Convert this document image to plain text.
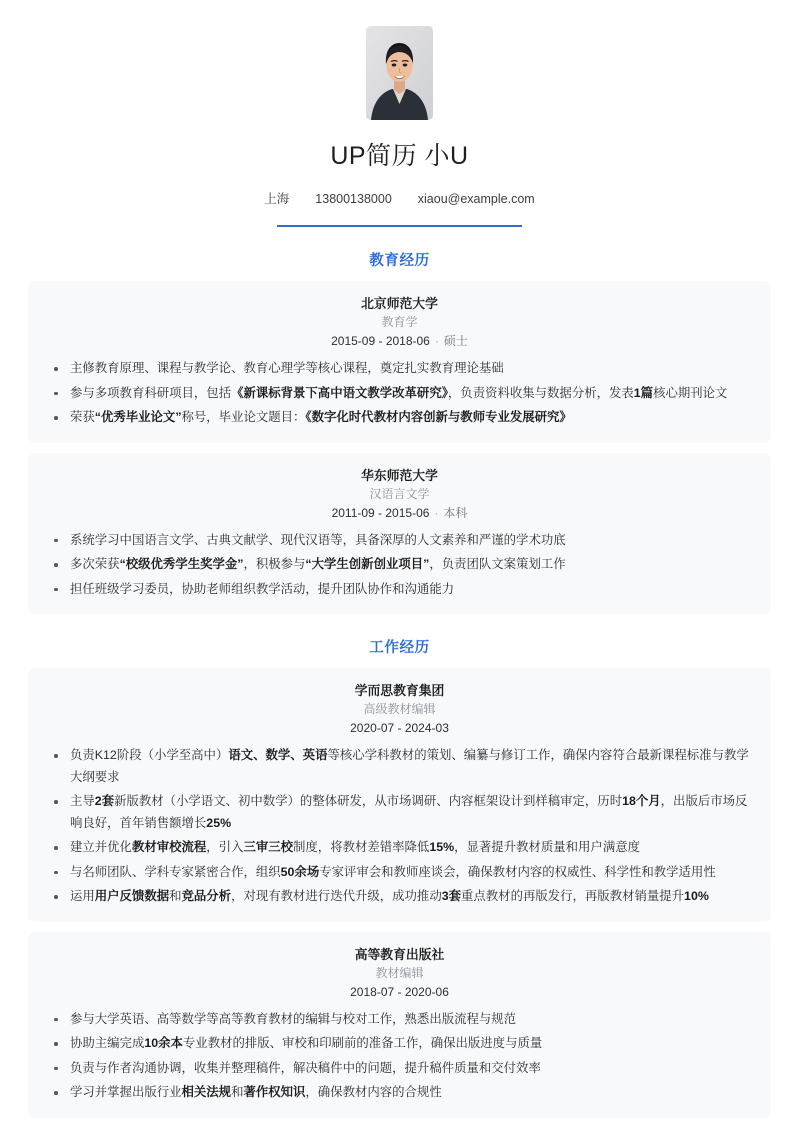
UP简历 小U
上海 13800138000 xiaou@example.com
教育经历
北京师范大学
教育学
2015-09 - 2018-06 · 硕士
主修教育原理、课程与教学论、教育心理学等核心课程，奠定扎实教育理论基础
参与多项教育科研项目，包括《新课标背景下高中语文教学改革研究》，负责资料收集与数据分析，发表1篇核心期刊论文
荣获“优秀毕业论文”称号，毕业论文题目：《数字化时代教材内容创新与教师专业发展研究》
华东师范大学
汉语言文学
2011-09 - 2015-06 · 本科
系统学习中国语言文学、古典文献学、现代汉语等，具备深厚的人文素养和严谨的学术功底
多次荣获“校级优秀学生奖学金”，积极参与“大学生创新创业项目”，负责团队文案策划工作
担任班级学习委员，协助老师组织教学活动，提升团队协作和沟通能力
工作经历
学而思教育集团
高级教材编辑
2020-07 - 2024-03
负责K12阶段（小学至高中）语文、数学、英语等核心学科教材的策划、编纂与修订工作，确保内容符合最新课程标准与教学大纲要求
主导2套新版教材（小学语文、初中数学）的整体研发，从市场调研、内容框架设计到样稿审定，历时18个月，出版后市场反响良好，首年销售额增长25%
建立并优化教材审校流程，引入三审三校制度，将教材差错率降低15%，显著提升教材质量和用户满意度
与名师团队、学科专家紧密合作，组织50余场专家评审会和教师座谈会，确保教材内容的权威性、科学性和教学适用性
运用用户反馈数据和竞品分析，对现有教材进行迭代升级，成功推动3套重点教材的再版发行，再版教材销量提升10%
高等教育出版社
教材编辑
2018-07 - 2020-06
参与大学英语、高等数学等高等教育教材的编辑与校对工作，熟悉出版流程与规范
协助主编完成10余本专业教材的排版、审校和印刷前的准备工作，确保出版进度与质量
负责与作者沟通协调，收集并整理稿件，解决稿件中的问题，提升稿件质量和交付效率
学习并掌握出版行业相关法规和著作权知识，确保教材内容的合规性
